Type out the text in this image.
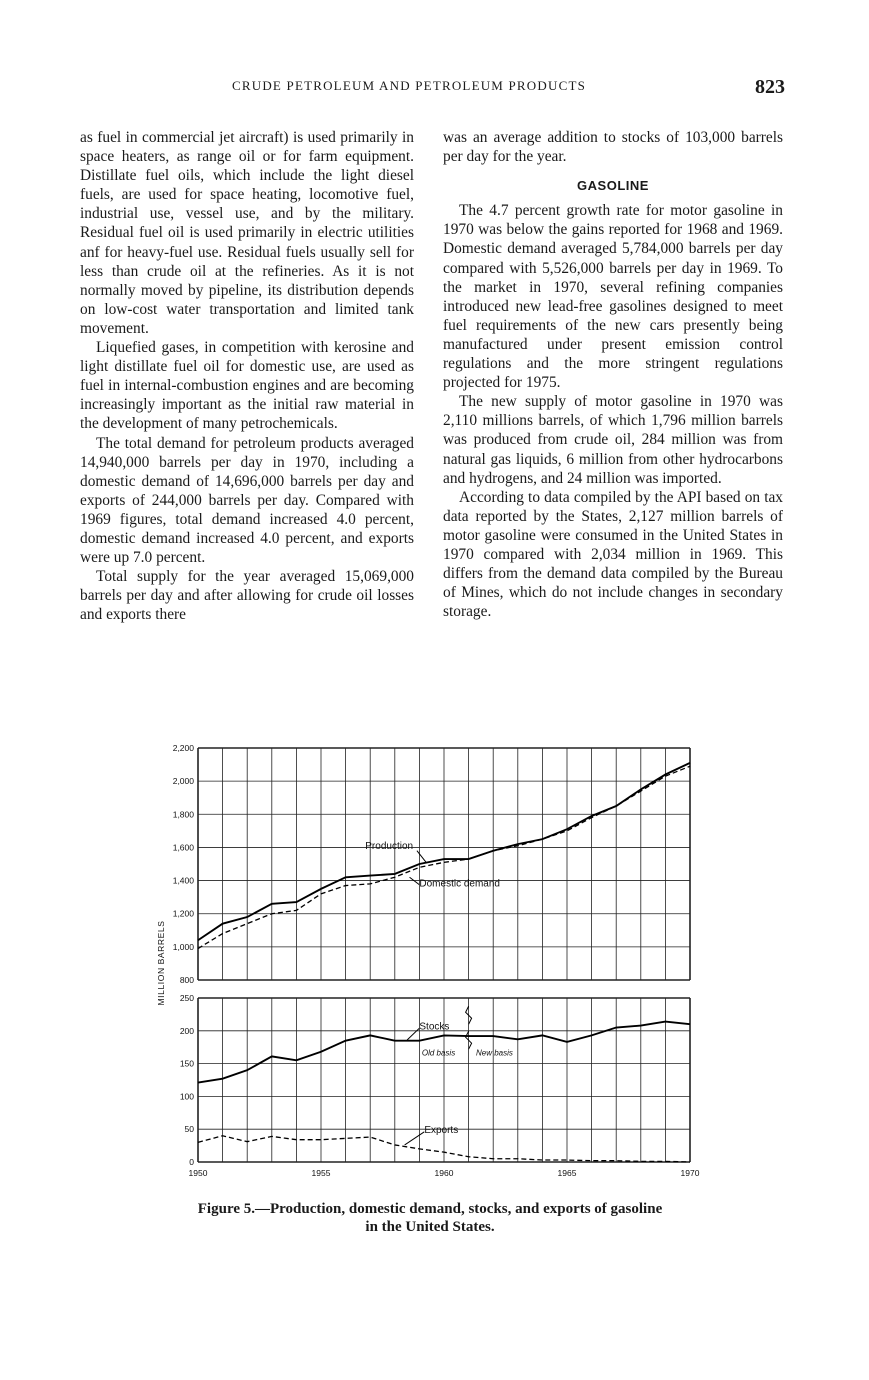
CRUDE PETROLEUM AND PETROLEUM PRODUCTS	823

as fuel in commercial jet aircraft) is used primarily in space heaters, as range oil or for farm equipment. Distillate fuel oils, which include the light diesel fuels, are used for space heating, locomotive fuel, industrial use, vessel use, and by the military. Residual fuel oil is used primarily in electric utilities anf for heavy-fuel use. Residual fuels usually sell for less than crude oil at the refineries. As it is not normally moved by pipeline, its distribution depends on low-cost water transportation and limited tank movement.

Liquefied gases, in competition with kerosine and light distillate fuel oil for domestic use, are used as fuel in internal-combustion engines and are becoming increasingly important as the initial raw material in the development of many petrochemicals.

The total demand for petroleum products averaged 14,940,000 barrels per day in 1970, including a domestic demand of 14,696,000 barrels per day and exports of 244,000 barrels per day. Compared with 1969 figures, total demand increased 4.0 percent, domestic demand increased 4.0 percent, and exports were up 7.0 percent.

Total supply for the year averaged 15,069,000 barrels per day and after allowing for crude oil losses and exports there

was an average addition to stocks of 103,000 barrels per day for the year.

GASOLINE

The 4.7 percent growth rate for motor gasoline in 1970 was below the gains reported for 1968 and 1969. Domestic demand averaged 5,784,000 barrels per day compared with 5,526,000 barrels per day in 1969. To the market in 1970, several refining companies introduced new lead-free gasolines designed to meet fuel requirements of the new cars presently being manufactured under present emission control regulations and the more stringent regulations projected for 1975.

The new supply of motor gasoline in 1970 was 2,110 millions barrels, of which 1,796 million barrels was produced from crude oil, 284 million was from natural gas liquids, 6 million from other hydrocarbons and hydrogens, and 24 million was imported.

According to data compiled by the API based on tax data reported by the States, 2,127 million barrels of motor gasoline were consumed in the United States in 1970 compared with 2,034 million in 1969. This differs from the demand data compiled by the Bureau of Mines, which do not include changes in secondary storage.

800
1,000
1,200
1,400
1,600
1,800
2,000
2,200
0
50
100
150
200
250
1950	1955	1960	1965	1970
MILLION BARRELS
Production
Domestic demand
Stocks
Old basis	New basis
Exports
Figure 5.—Production, domestic demand, stocks, and exports of gasoline
in the United States.
